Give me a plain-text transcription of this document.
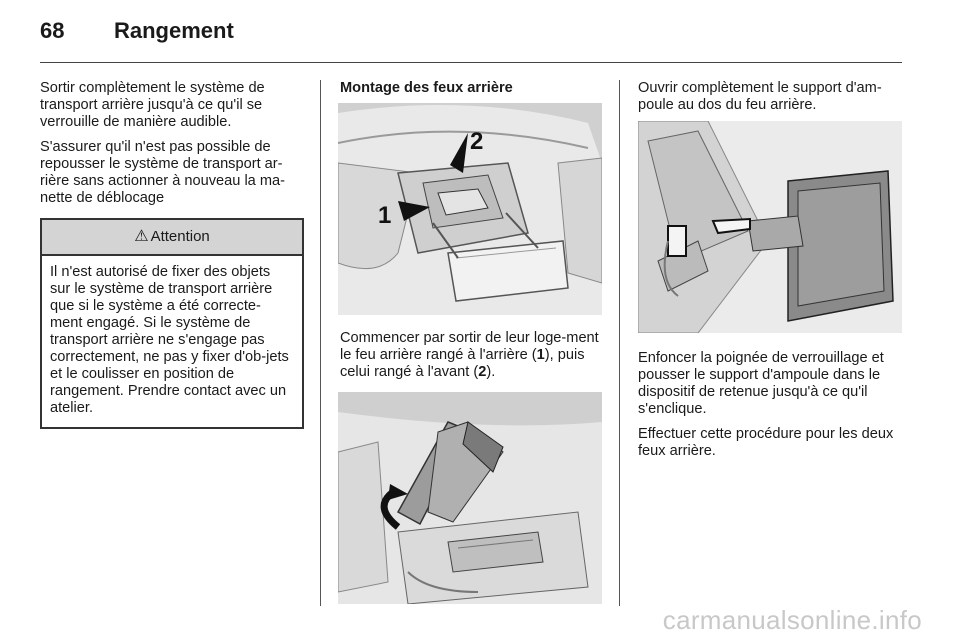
68 Rangement

Sortir complètement le système de transport arrière jusqu'à ce qu'il se verrouille de manière audible.

S'assurer qu'il n'est pas possible de repousser le système de transport ar-rière sans actionner à nouveau la ma-nette de déblocage

⚠ Attention
Il n'est autorisé de fixer des objets sur le système de transport arrière que si le système a été correcte-ment engagé. Si le système de transport arrière ne s'engage pas correctement, ne pas y fixer d'ob-jets et le coulisser en position de rangement. Prendre contact avec un atelier.
Montage des feux arrière
2
1

Commencer par sortir de leur loge-ment le feu arrière rangé à l'arrière (1), puis celui rangé à l'avant (2).

Ouvrir complètement le support d'am-poule au dos du feu arrière.

Enfoncer la poignée de verrouillage et pousser le support d'ampoule dans le dispositif de retenue jusqu'à ce qu'il s'enclique.

Effectuer cette procédure pour les deux feux arrière.

carmanualsonline.info
